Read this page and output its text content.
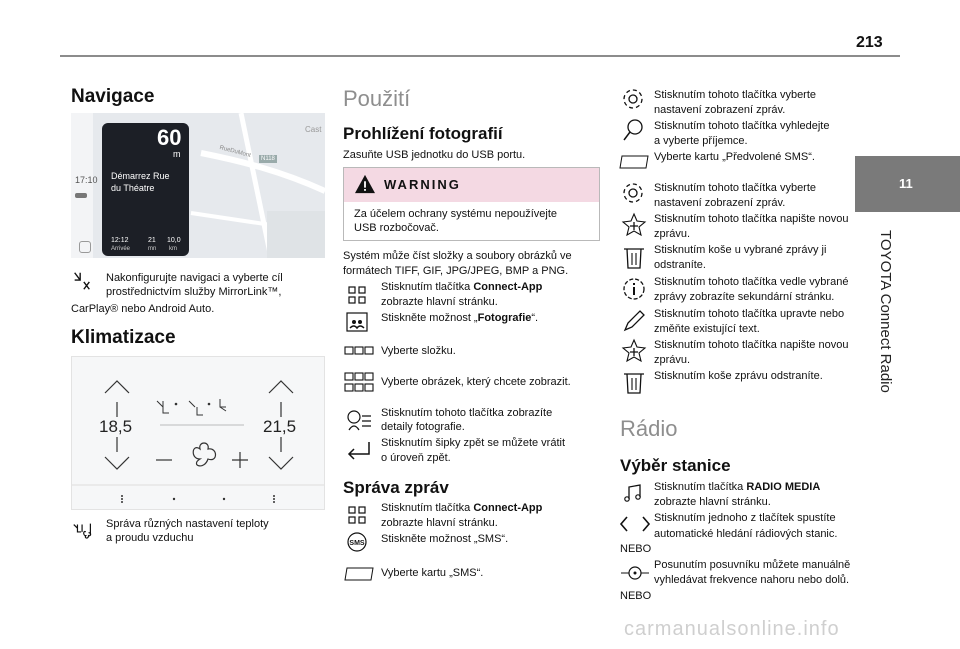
213
11
TOYOTA Connect Radio
Navigace
17:10
60
m
Démarrez Rue
du Théatre
12:12
Arrivée
21
mn
10,0
km
Cast
N118
RueDuMont
Nakonfigurujte navigaci a vyberte cíl
prostřednictvím služby MirrorLink™,
CarPlay® nebo Android Auto.
Klimatizace
18,5	21,5
Správa různých nastavení teploty
a proudu vzduchu
Použití
Prohlížení fotografií
Zasuňte USB jednotku do USB portu.
WARNING
Za účelem ochrany systému nepoužívejte
USB rozbočovač.
Systém může číst složky a soubory obrázků ve
formátech TIFF, GIF, JPG/JPEG, BMP a PNG.
Stisknutím tlačítka Connect-App
zobrazte hlavní stránku.
Stiskněte možnost „Fotografie“.
Vyberte složku.
Vyberte obrázek, který chcete zobrazit.
Stisknutím tohoto tlačítka zobrazíte
detaily fotografie.
Stisknutím šipky zpět se můžete vrátit
o úroveň zpět.
Správa zpráv
Stisknutím tlačítka Connect-App
zobrazte hlavní stránku.
SMS Stiskněte možnost „SMS“.
Vyberte kartu „SMS“.
Stisknutím tohoto tlačítka vyberte
nastavení zobrazení zpráv.
Stisknutím tohoto tlačítka vyhledejte
a vyberte příjemce.
Vyberte kartu „Předvolené SMS“.
Stisknutím tohoto tlačítka vyberte
nastavení zobrazení zpráv.
Stisknutím tohoto tlačítka napište novou
zprávu.
Stisknutím koše u vybrané zprávy ji
odstraníte.
Stisknutím tohoto tlačítka vedle vybrané
zprávy zobrazíte sekundární stránku.
Stisknutím tohoto tlačítka upravte nebo
změňte existující text.
Stisknutím tohoto tlačítka napište novou
zprávu.
Stisknutím koše zprávu odstraníte.
Rádio
Výběr stanice
Stisknutím tlačítka RADIO MEDIA
zobrazte hlavní stránku.
Stisknutím jednoho z tlačítek spustíte
automatické hledání rádiových stanic.
NEBO
Posunutím posuvníku můžete manuálně
vyhledávat frekvence nahoru nebo dolů.
NEBO
carmanualsonline.info
